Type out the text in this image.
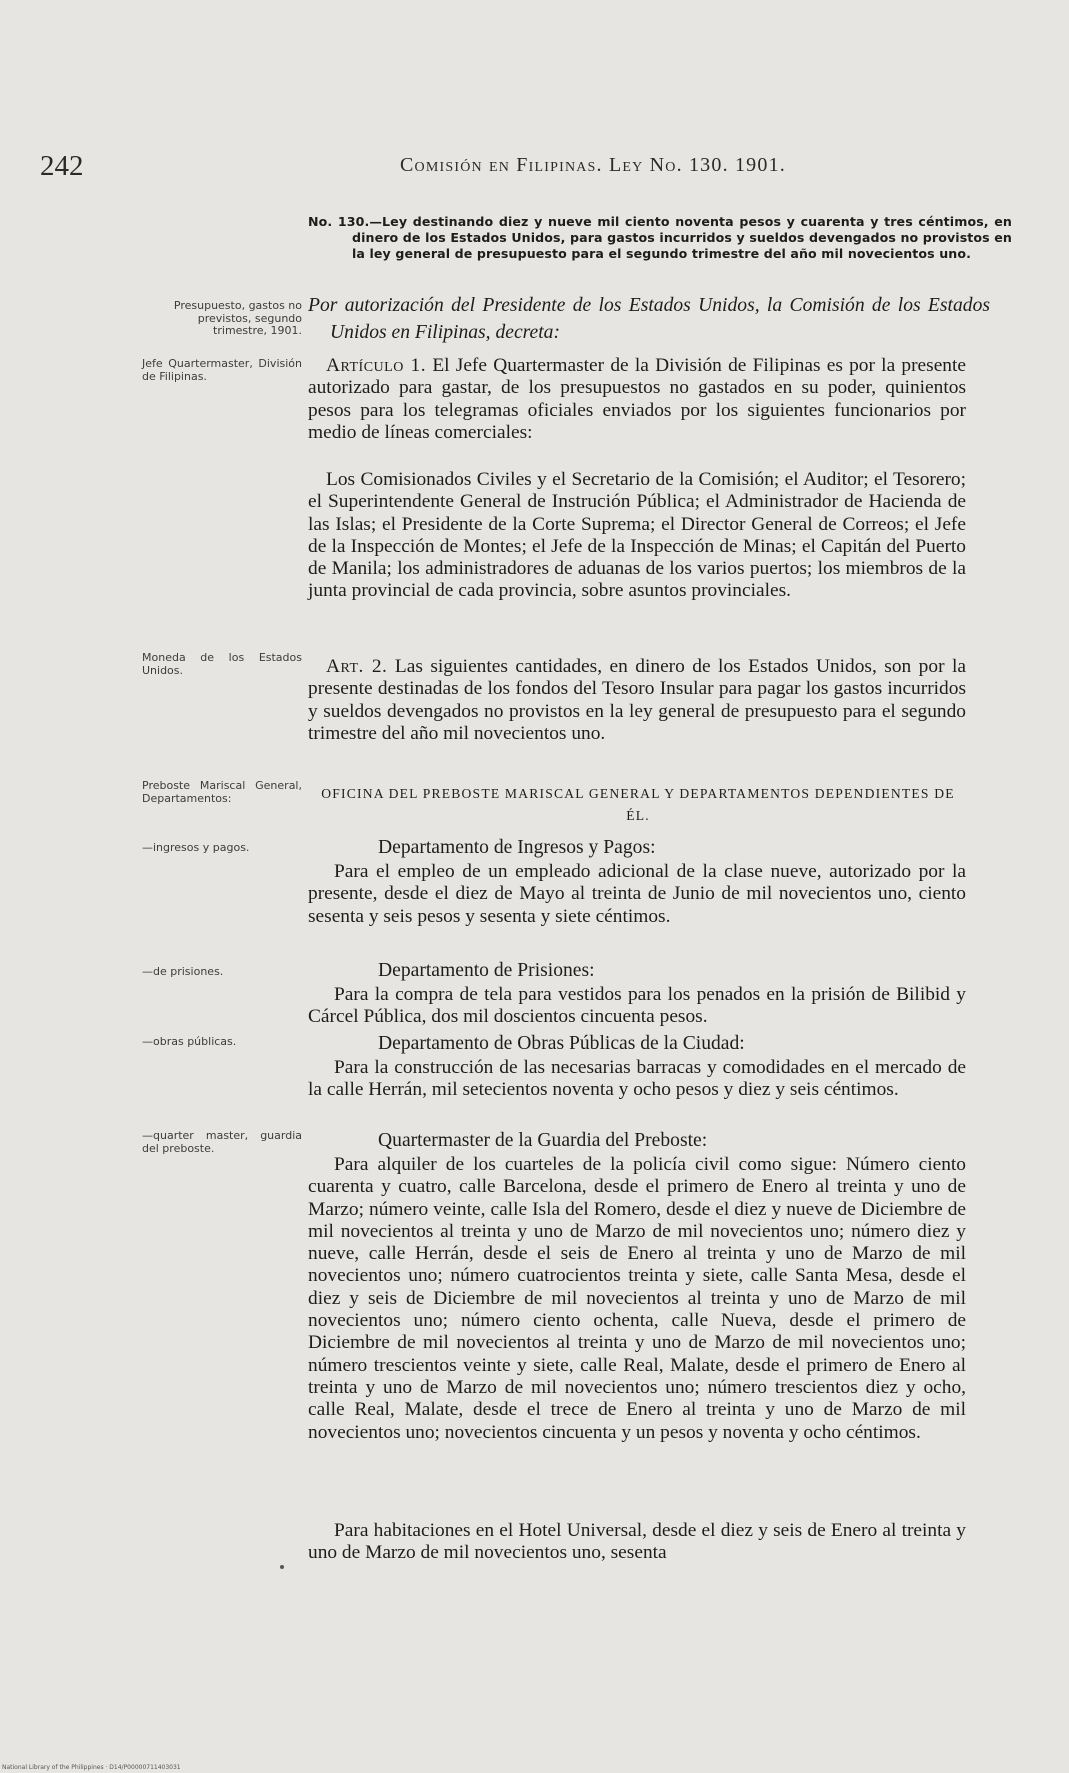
242	Comisión en Filipinas. Ley No. 130. 1901.
Presupuesto, gastos no previstos, segundo trimestre, 1901.
Jefe Quartermaster, División de Filipinas.
Moneda de los Estados Unidos.
Preboste Mariscal General, Departamentos:
—ingresos y pagos.
—de prisiones.
—obras públicas.
—quarter master, guardia del preboste.
No. 130.—Ley destinando diez y nueve mil ciento noventa pesos y cuarenta y tres céntimos, en dinero de los Estados Unidos, para gastos incurridos y sueldos devengados no provistos en la ley general de presupuesto para el segundo trimestre del año mil novecientos uno.
Por autorización del Presidente de los Estados Unidos, la Comisión de los Estados Unidos en Filipinas, decreta:
Artículo 1. El Jefe Quartermaster de la División de Filipinas es por la presente autorizado para gastar, de los presupuestos no gastados en su poder, quinientos pesos para los telegramas oficiales enviados por los siguientes funcionarios por medio de líneas comerciales:
Los Comisionados Civiles y el Secretario de la Comisión; el Auditor; el Tesorero; el Superintendente General de Instrución Pública; el Administrador de Hacienda de las Islas; el Presidente de la Corte Suprema; el Director General de Correos; el Jefe de la Inspección de Montes; el Jefe de la Inspección de Minas; el Capitán del Puerto de Manila; los administradores de aduanas de los varios puertos; los miembros de la junta provincial de cada provincia, sobre asuntos provinciales.
Art. 2. Las siguientes cantidades, en dinero de los Estados Unidos, son por la presente destinadas de los fondos del Tesoro Insular para pagar los gastos incurridos y sueldos devengados no provistos en la ley general de presupuesto para el segundo trimestre del año mil novecientos uno.
OFICINA DEL PREBOSTE MARISCAL GENERAL Y DEPARTAMENTOS DEPENDIENTES DE ÉL.
Departamento de Ingresos y Pagos:
Para el empleo de un empleado adicional de la clase nueve, autorizado por la presente, desde el diez de Mayo al treinta de Junio de mil novecientos uno, ciento sesenta y seis pesos y sesenta y siete céntimos.
Departamento de Prisiones:
Para la compra de tela para vestidos para los penados en la prisión de Bilibid y Cárcel Pública, dos mil doscientos cincuenta pesos.
Departamento de Obras Públicas de la Ciudad:
Para la construcción de las necesarias barracas y comodidades en el mercado de la calle Herrán, mil setecientos noventa y ocho pesos y diez y seis céntimos.
Quartermaster de la Guardia del Preboste:
Para alquiler de los cuarteles de la policía civil como sigue: Número ciento cuarenta y cuatro, calle Barcelona, desde el primero de Enero al treinta y uno de Marzo; número veinte, calle Isla del Romero, desde el diez y nueve de Diciembre de mil novecientos al treinta y uno de Marzo de mil novecientos uno; número diez y nueve, calle Herrán, desde el seis de Enero al treinta y uno de Marzo de mil novecientos uno; número cuatrocientos treinta y siete, calle Santa Mesa, desde el diez y seis de Diciembre de mil novecientos al treinta y uno de Marzo de mil novecientos uno; número ciento ochenta, calle Nueva, desde el primero de Diciembre de mil novecientos al treinta y uno de Marzo de mil novecientos uno; número trescientos veinte y siete, calle Real, Malate, desde el primero de Enero al treinta y uno de Marzo de mil novecientos uno; número trescientos diez y ocho, calle Real, Malate, desde el trece de Enero al treinta y uno de Marzo de mil novecientos uno; novecientos cincuenta y un pesos y noventa y ocho céntimos.
Para habitaciones en el Hotel Universal, desde el diez y seis de Enero al treinta y uno de Marzo de mil novecientos uno, sesenta
National Library of the Philippines · D14/P00000711403031
